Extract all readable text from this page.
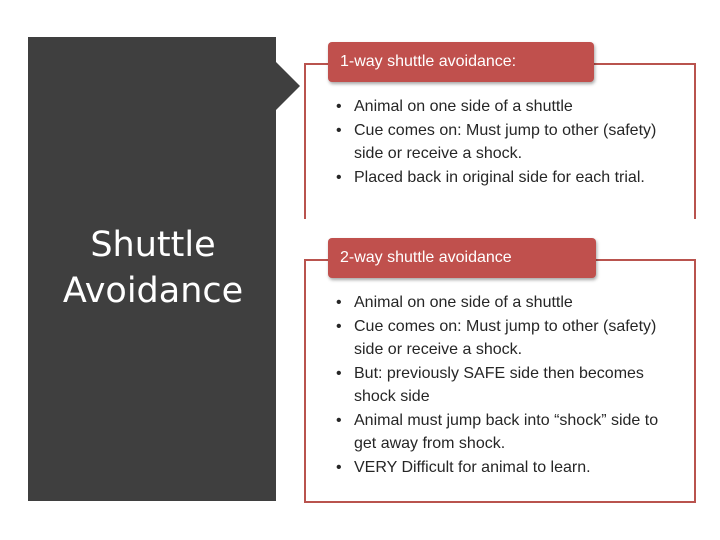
Shuttle Avoidance
1-way shuttle avoidance:
• Animal on one side of a shuttle
• Cue comes on: Must jump to other (safety) side or receive a shock.
• Placed back in original side for each trial.
2-way shuttle avoidance
• Animal on one side of a shuttle
• Cue comes on: Must jump to other (safety) side or receive a shock.
• But: previously SAFE side then becomes shock side
• Animal must jump back into “shock” side to get away from shock.
• VERY Difficult for animal to learn.
